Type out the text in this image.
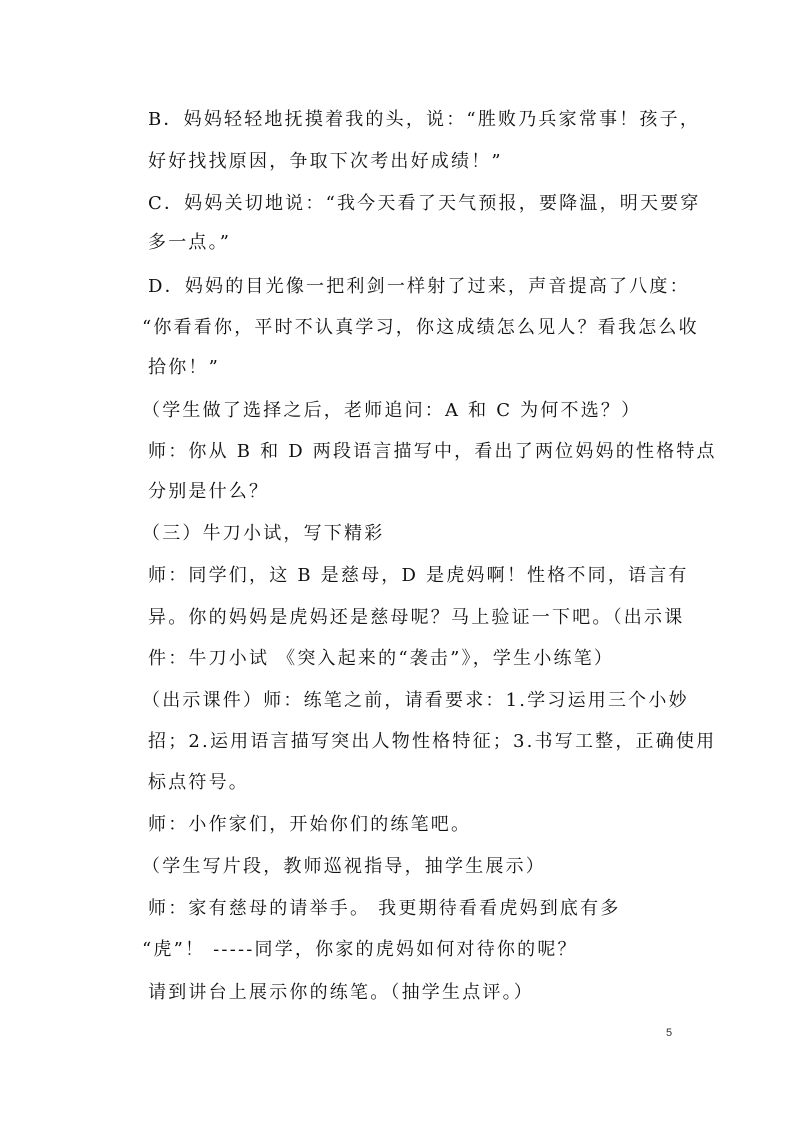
B．妈妈轻轻地抚摸着我的头，说：“胜败乃兵家常事！孩子，
好好找找原因，争取下次考出好成绩！”
C．妈妈关切地说：“我今天看了天气预报，要降温，明天要穿
多一点。”
D．妈妈的目光像一把利剑一样射了过来，声音提高了八度：
“你看看你，平时不认真学习，你这成绩怎么见人？看我怎么收
拾你！”
（学生做了选择之后，老师追问：A 和 C 为何不选？）
师：你从 B 和 D 两段语言描写中，看出了两位妈妈的性格特点
分别是什么？
（三）牛刀小试，写下精彩
师：同学们，这 B 是慈母，D 是虎妈啊！性格不同，语言有
异。你的妈妈是虎妈还是慈母呢？马上验证一下吧。（出示课
件：牛刀小试 《突入起来的“袭击”》，学生小练笔）
（出示课件）师：练笔之前，请看要求：1.学习运用三个小妙
招；2.运用语言描写突出人物性格特征；3.书写工整，正确使用
标点符号。
师：小作家们，开始你们的练笔吧。
（学生写片段，教师巡视指导，抽学生展示）
师：家有慈母的请举手。 我更期待看看虎妈到底有多
“虎”！ -----同学，你家的虎妈如何对待你的呢？
请到讲台上展示你的练笔。（抽学生点评。）
5
